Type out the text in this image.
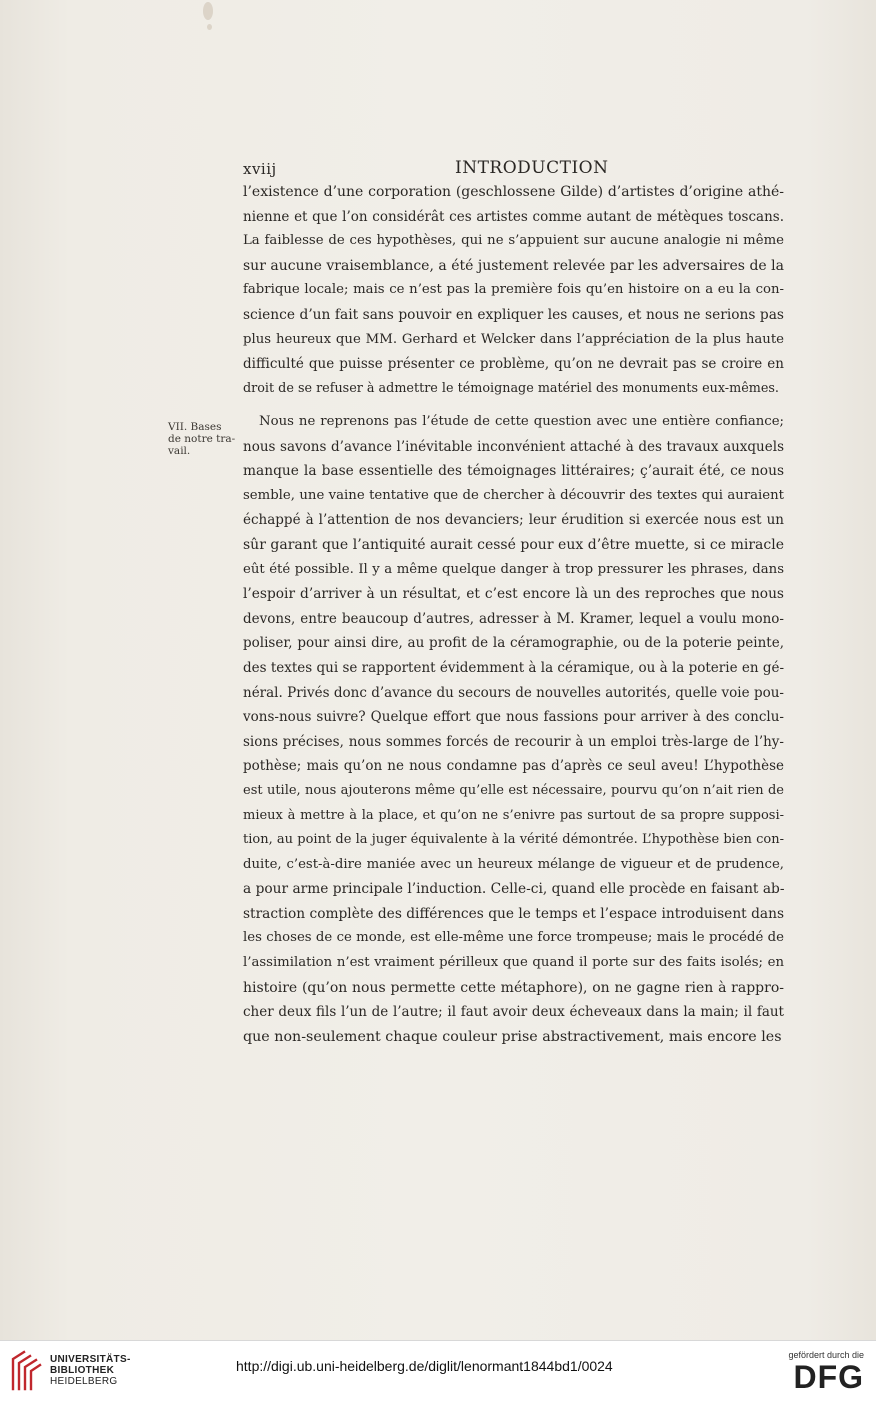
xviij	INTRODUCTION
l’existence d’une corporation (geschlossene Gilde) d’artistes d’origine athé-
nienne et que l’on considérât ces artistes comme autant de métèques toscans.
La faiblesse de ces hypothèses, qui ne s’appuient sur aucune analogie ni même
sur aucune vraisemblance, a été justement relevée par les adversaires de la
fabrique locale; mais ce n’est pas la première fois qu’en histoire on a eu la con-
science d’un fait sans pouvoir en expliquer les causes, et nous ne serions pas
plus heureux que MM. Gerhard et Welcker dans l’appréciation de la plus haute
difficulté que puisse présenter ce problème, qu’on ne devrait pas se croire en
droit de se refuser à admettre le témoignage matériel des monuments eux-mêmes.
VII. Bases
de notre tra-
vail.
Nous ne reprenons pas l’étude de cette question avec une entière confiance;
nous savons d’avance l’inévitable inconvénient attaché à des travaux auxquels
manque la base essentielle des témoignages littéraires; ç’aurait été, ce nous
semble, une vaine tentative que de chercher à découvrir des textes qui auraient
échappé à l’attention de nos devanciers; leur érudition si exercée nous est un
sûr garant que l’antiquité aurait cessé pour eux d’être muette, si ce miracle
eût été possible. Il y a même quelque danger à trop pressurer les phrases, dans
l’espoir d’arriver à un résultat, et c’est encore là un des reproches que nous
devons, entre beaucoup d’autres, adresser à M. Kramer, lequel a voulu mono-
poliser, pour ainsi dire, au profit de la céramographie, ou de la poterie peinte,
des textes qui se rapportent évidemment à la céramique, ou à la poterie en gé-
néral. Privés donc d’avance du secours de nouvelles autorités, quelle voie pou-
vons-nous suivre? Quelque effort que nous fassions pour arriver à des conclu-
sions précises, nous sommes forcés de recourir à un emploi très-large de l’hy-
pothèse; mais qu’on ne nous condamne pas d’après ce seul aveu! L’hypothèse
est utile, nous ajouterons même qu’elle est nécessaire, pourvu qu’on n’ait rien de
mieux à mettre à la place, et qu’on ne s’enivre pas surtout de sa propre supposi-
tion, au point de la juger équivalente à la vérité démontrée. L’hypothèse bien con-
duite, c’est-à-dire maniée avec un heureux mélange de vigueur et de prudence,
a pour arme principale l’induction. Celle-ci, quand elle procède en faisant ab-
straction complète des différences que le temps et l’espace introduisent dans
les choses de ce monde, est elle-même une force trompeuse; mais le procédé de
l’assimilation n’est vraiment périlleux que quand il porte sur des faits isolés; en
histoire (qu’on nous permette cette métaphore), on ne gagne rien à rappro-
cher deux fils l’un de l’autre; il faut avoir deux écheveaux dans la main; il faut
que non-seulement chaque couleur prise abstractivement, mais encore les
UNIVERSITÄTS-
BIBLIOTHEK
HEIDELBERG
http://digi.ub.uni-heidelberg.de/diglit/lenormant1844bd1/0024
gefördert durch die
DFG
